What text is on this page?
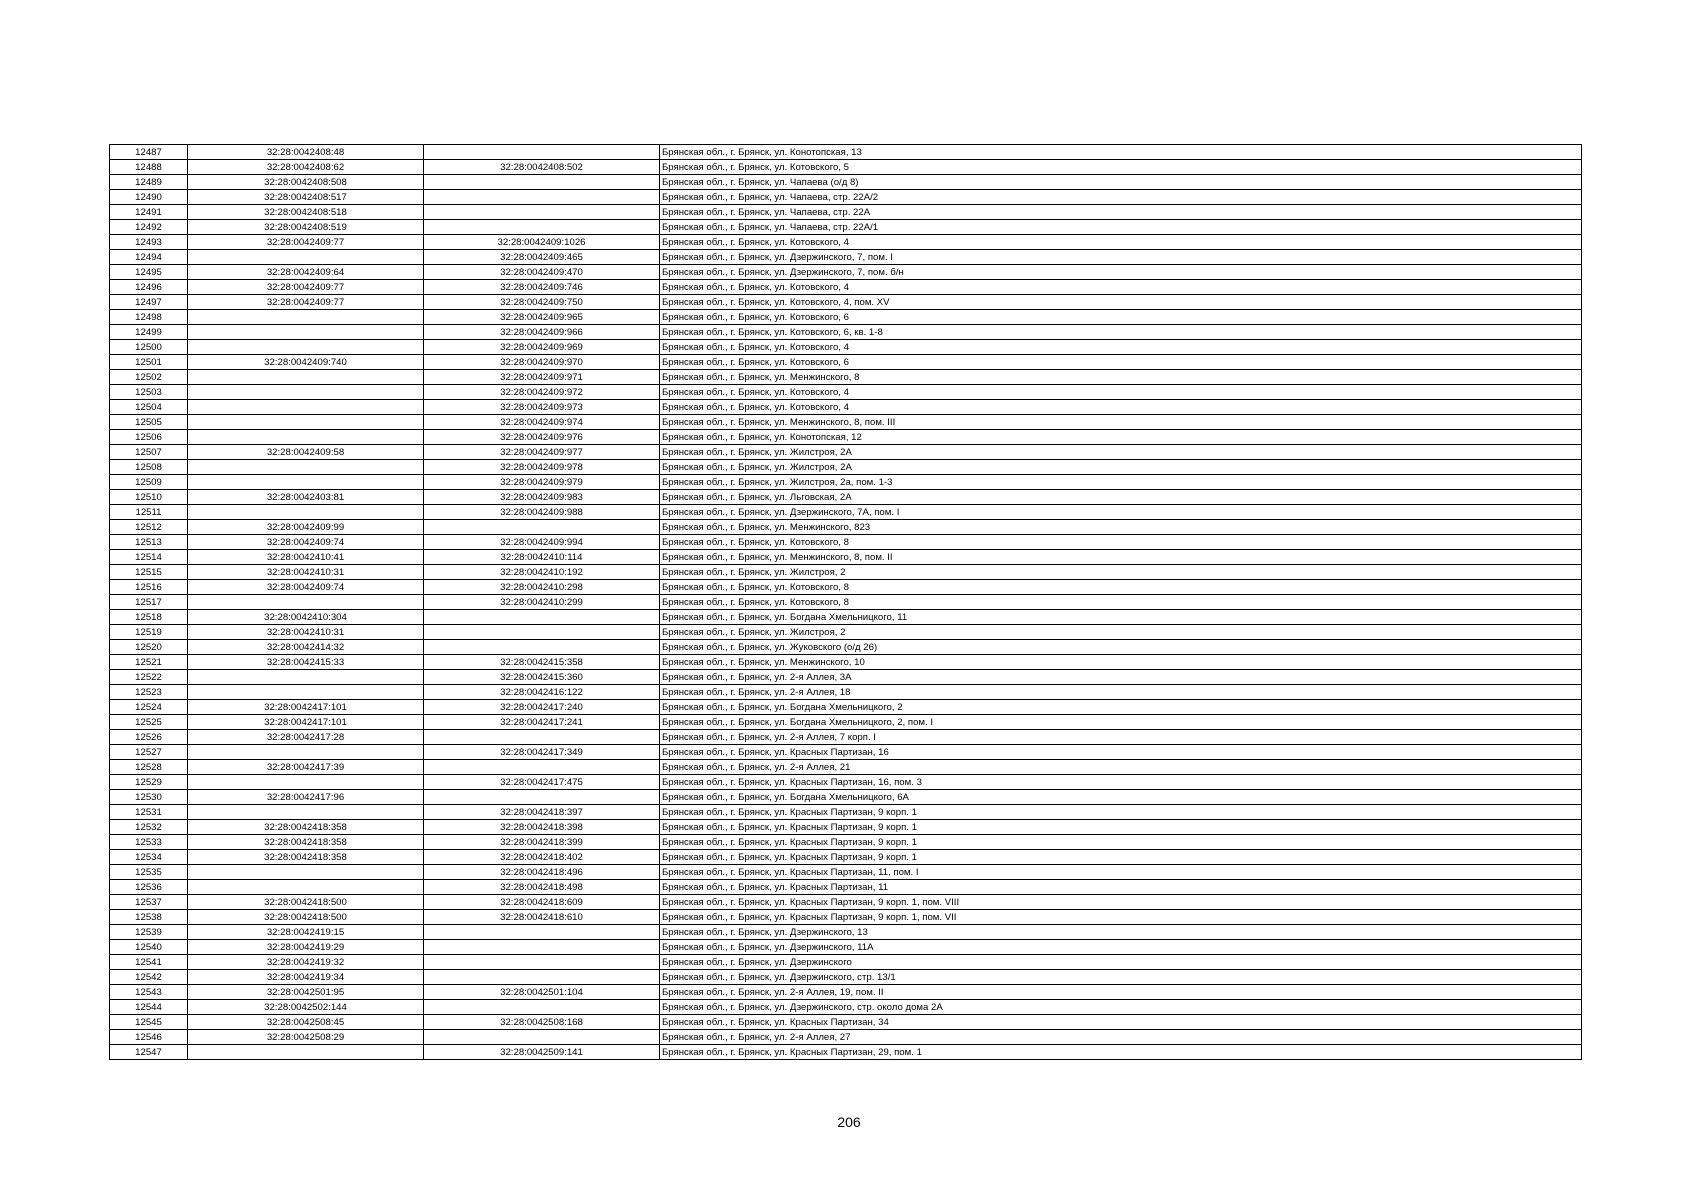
12487	32:28:0042408:48		Брянская обл., г. Брянск, ул. Конотопская, 13
12488	32:28:0042408:62	32:28:0042408:502	Брянская обл., г. Брянск, ул. Котовского, 5
12489	32:28:0042408:508		Брянская обл., г. Брянск, ул. Чапаева (о/д 8)
12490	32:28:0042408:517		Брянская обл., г. Брянск, ул. Чапаева, стр. 22А/2
12491	32:28:0042408:518		Брянская обл., г. Брянск, ул. Чапаева, стр. 22А
12492	32:28:0042408:519		Брянская обл., г. Брянск, ул. Чапаева, стр. 22А/1
12493	32:28:0042409:77	32:28:0042409:1026	Брянская обл., г. Брянск, ул. Котовского, 4
12494		32:28:0042409:465	Брянская обл., г. Брянск, ул. Дзержинского, 7, пом. I
12495	32:28:0042409:64	32:28:0042409:470	Брянская обл., г. Брянск, ул. Дзержинского, 7, пом. б/н
12496	32:28:0042409:77	32:28:0042409:746	Брянская обл., г. Брянск, ул. Котовского, 4
12497	32:28:0042409:77	32:28:0042409:750	Брянская обл., г. Брянск, ул. Котовского, 4, пом. XV
12498		32:28:0042409:965	Брянская обл., г. Брянск, ул. Котовского, 6
12499		32:28:0042409:966	Брянская обл., г. Брянск, ул. Котовского, 6, кв. 1-8
12500		32:28:0042409:969	Брянская обл., г. Брянск, ул. Котовского, 4
12501	32:28:0042409:740	32:28:0042409:970	Брянская обл., г. Брянск, ул. Котовского, 6
12502		32:28:0042409:971	Брянская обл., г. Брянск, ул. Менжинского, 8
12503		32:28:0042409:972	Брянская обл., г. Брянск, ул. Котовского, 4
12504		32:28:0042409:973	Брянская обл., г. Брянск, ул. Котовского, 4
12505		32:28:0042409:974	Брянская обл., г. Брянск, ул. Менжинского, 8, пом. III
12506		32:28:0042409:976	Брянская обл., г. Брянск, ул. Конотопская, 12
12507	32:28:0042409:58	32:28:0042409:977	Брянская обл., г. Брянск, ул. Жилстроя, 2А
12508		32:28:0042409:978	Брянская обл., г. Брянск, ул. Жилстроя, 2А
12509		32:28:0042409:979	Брянская обл., г. Брянск, ул. Жилстроя, 2а, пом. 1-3
12510	32:28:0042403:81	32:28:0042409:983	Брянская обл., г. Брянск, ул. Льговская, 2А
12511		32:28:0042409:988	Брянская обл., г. Брянск, ул. Дзержинского, 7А, пом. I
12512	32:28:0042409:99		Брянская обл., г. Брянск, ул. Менжинского, 823
12513	32:28:0042409:74	32:28:0042409:994	Брянская обл., г. Брянск, ул. Котовского, 8
12514	32:28:0042410:41	32:28:0042410:114	Брянская обл., г. Брянск, ул. Менжинского, 8, пом. II
12515	32:28:0042410:31	32:28:0042410:192	Брянская обл., г. Брянск, ул. Жилстроя, 2
12516	32:28:0042409:74	32:28:0042410:298	Брянская обл., г. Брянск, ул. Котовского, 8
12517		32:28:0042410:299	Брянская обл., г. Брянск, ул. Котовского, 8
12518	32:28:0042410:304		Брянская обл., г. Брянск, ул. Богдана Хмельницкого, 11
12519	32:28:0042410:31		Брянская обл., г. Брянск, ул. Жилстроя, 2
12520	32:28:0042414:32		Брянская обл., г. Брянск, ул. Жуковского (о/д 26)
12521	32:28:0042415:33	32:28:0042415:358	Брянская обл., г. Брянск, ул. Менжинского, 10
12522		32:28:0042415:360	Брянская обл., г. Брянск, ул. 2-я Аллея, 3А
12523		32:28:0042416:122	Брянская обл., г. Брянск, ул. 2-я Аллея, 18
12524	32:28:0042417:101	32:28:0042417:240	Брянская обл., г. Брянск, ул. Богдана Хмельницкого, 2
12525	32:28:0042417:101	32:28:0042417:241	Брянская обл., г. Брянск, ул. Богдана Хмельницкого, 2, пом. I
12526	32:28:0042417:28		Брянская обл., г. Брянск, ул. 2-я Аллея, 7 корп. I
12527		32:28:0042417:349	Брянская обл., г. Брянск, ул. Красных Партизан, 16
12528	32:28:0042417:39		Брянская обл., г. Брянск, ул. 2-я Аллея, 21
12529		32:28:0042417:475	Брянская обл., г. Брянск, ул. Красных Партизан, 16, пом. 3
12530	32:28:0042417:96		Брянская обл., г. Брянск, ул. Богдана Хмельницкого, 6А
12531		32:28:0042418:397	Брянская обл., г. Брянск, ул. Красных Партизан, 9 корп. 1
12532	32:28:0042418:358	32:28:0042418:398	Брянская обл., г. Брянск, ул. Красных Партизан, 9 корп. 1
12533	32:28:0042418:358	32:28:0042418:399	Брянская обл., г. Брянск, ул. Красных Партизан, 9 корп. 1
12534	32:28:0042418:358	32:28:0042418:402	Брянская обл., г. Брянск, ул. Красных Партизан, 9 корп. 1
12535		32:28:0042418:496	Брянская обл., г. Брянск, ул. Красных Партизан, 11, пом. I
12536		32:28:0042418:498	Брянская обл., г. Брянск, ул. Красных Партизан, 11
12537	32:28:0042418:500	32:28:0042418:609	Брянская обл., г. Брянск, ул. Красных Партизан, 9 корп. 1, пом. VIII
12538	32:28:0042418:500	32:28:0042418:610	Брянская обл., г. Брянск, ул. Красных Партизан, 9 корп. 1, пом. VII
12539	32:28:0042419:15		Брянская обл., г. Брянск, ул. Дзержинского, 13
12540	32:28:0042419:29		Брянская обл., г. Брянск, ул. Дзержинского, 11А
12541	32:28:0042419:32		Брянская обл., г. Брянск, ул. Дзержинского
12542	32:28:0042419:34		Брянская обл., г. Брянск, ул. Дзержинского, стр. 13/1
12543	32:28:0042501:95	32:28:0042501:104	Брянская обл., г. Брянск, ул. 2-я Аллея, 19, пом. II
12544	32:28:0042502:144		Брянская обл., г. Брянск, ул. Дзержинского, стр. около дома 2А
12545	32:28:0042508:45	32:28:0042508:168	Брянская обл., г. Брянск, ул. Красных Партизан, 34
12546	32:28:0042508:29		Брянская обл., г. Брянск, ул. 2-я Аллея, 27
12547		32:28:0042509:141	Брянская обл., г. Брянск, ул. Красных Партизан, 29, пом. 1
206
